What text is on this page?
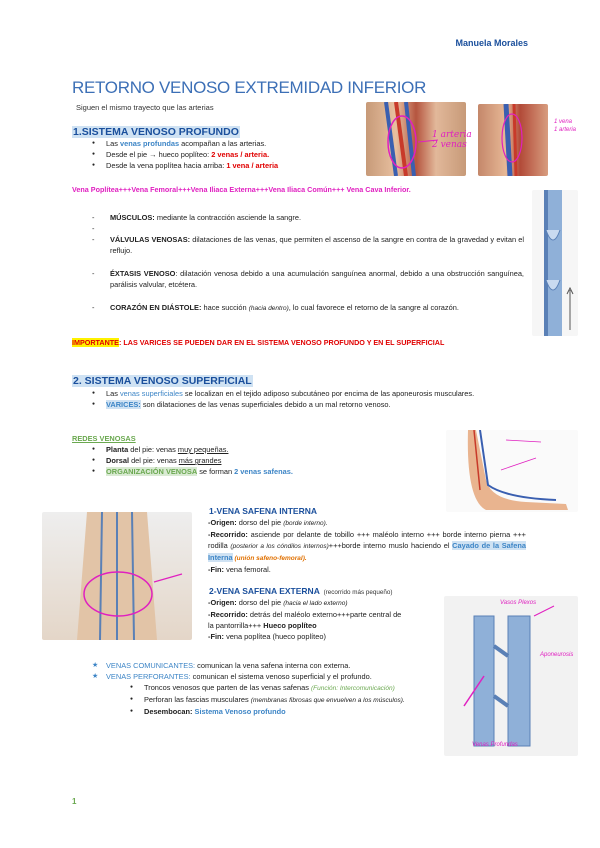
Manuela Morales
RETORNO VENOSO EXTREMIDAD INFERIOR
Siguen el mismo trayecto que las arterias
1 arteria
2 venas
1 vena
1 arteria
1.SISTEMA VENOSO PROFUNDO
● Las venas profundas acompañan a las arterias.
● Desde el pie → hueco poplíteo: 2 venas / arteria.
● Desde la vena poplítea hacia arriba: 1 vena / arteria
Vena Poplítea+++Vena Femoral+++Vena Iliaca Externa+++Vena Iliaca Común+++ Vena Cava Inferior.
- MÚSCULOS: mediante la contracción asciende la sangre.
-
- VÁLVULAS VENOSAS: dilataciones de las venas, que permiten el ascenso de la sangre en contra de la gravedad y evitan el reflujo.
- ÉXTASIS VENOSO: dilatación venosa debido a una acumulación sanguínea anormal, debido a una obstrucción sanguínea, parálisis valvular, etcétera.
- CORAZÓN EN DIÁSTOLE: hace succión (hacia dentro), lo cual favorece el retorno de la sangre al corazón.
IMPORTANTE: LAS VARICES SE PUEDEN DAR EN EL SISTEMA VENOSO PROFUNDO Y EN EL SUPERFICIAL
2. SISTEMA VENOSO SUPERFICIAL
● Las venas superficiales se localizan en el tejido adiposo subcutáneo por encima de las aponeurosis musculares.
● VARICES: son dilataciones de las venas superficiales debido a un mal retorno venoso.
REDES VENOSAS
● Planta del pie: venas muy pequeñas.
● Dorsal del pie: venas más grandes
● ORGANIZACIÓN VENOSA se forman 2 venas safenas.
1-VENA SAFENA INTERNA
-Origen: dorso del pie (borde interno).
-Recorrido: asciende por delante de tobillo +++ maléolo interno +++ borde interno pierna +++ rodilla (posterior a los cóndilos internos)+++borde interno muslo haciendo el Cayado de la Safena Interna (unión safeno-femoral).
-Fin: vena femoral.
2-VENA SAFENA EXTERNA (recorrido más pequeño)
-Origen: dorso del pie (hacia el lado externo)
-Recorrido: detrás del maléolo externo+++parte central de la pantorrilla+++ Hueco poplíteo
-Fin: vena poplítea (hueco poplíteo)
Vasos Plexos
Aponeurosis
Venas Profundas
★ VENAS COMUNICANTES: comunican la vena safena interna con externa.
★ VENAS PERFORANTES: comunican el sistema venoso superficial y el profundo.
● Troncos venosos que parten de las venas safenas (Función: Intercomunicación)
● Perforan las fascias musculares (membranas fibrosas que envuelven a los músculos).
● Desembocan: Sistema Venoso profundo
1
